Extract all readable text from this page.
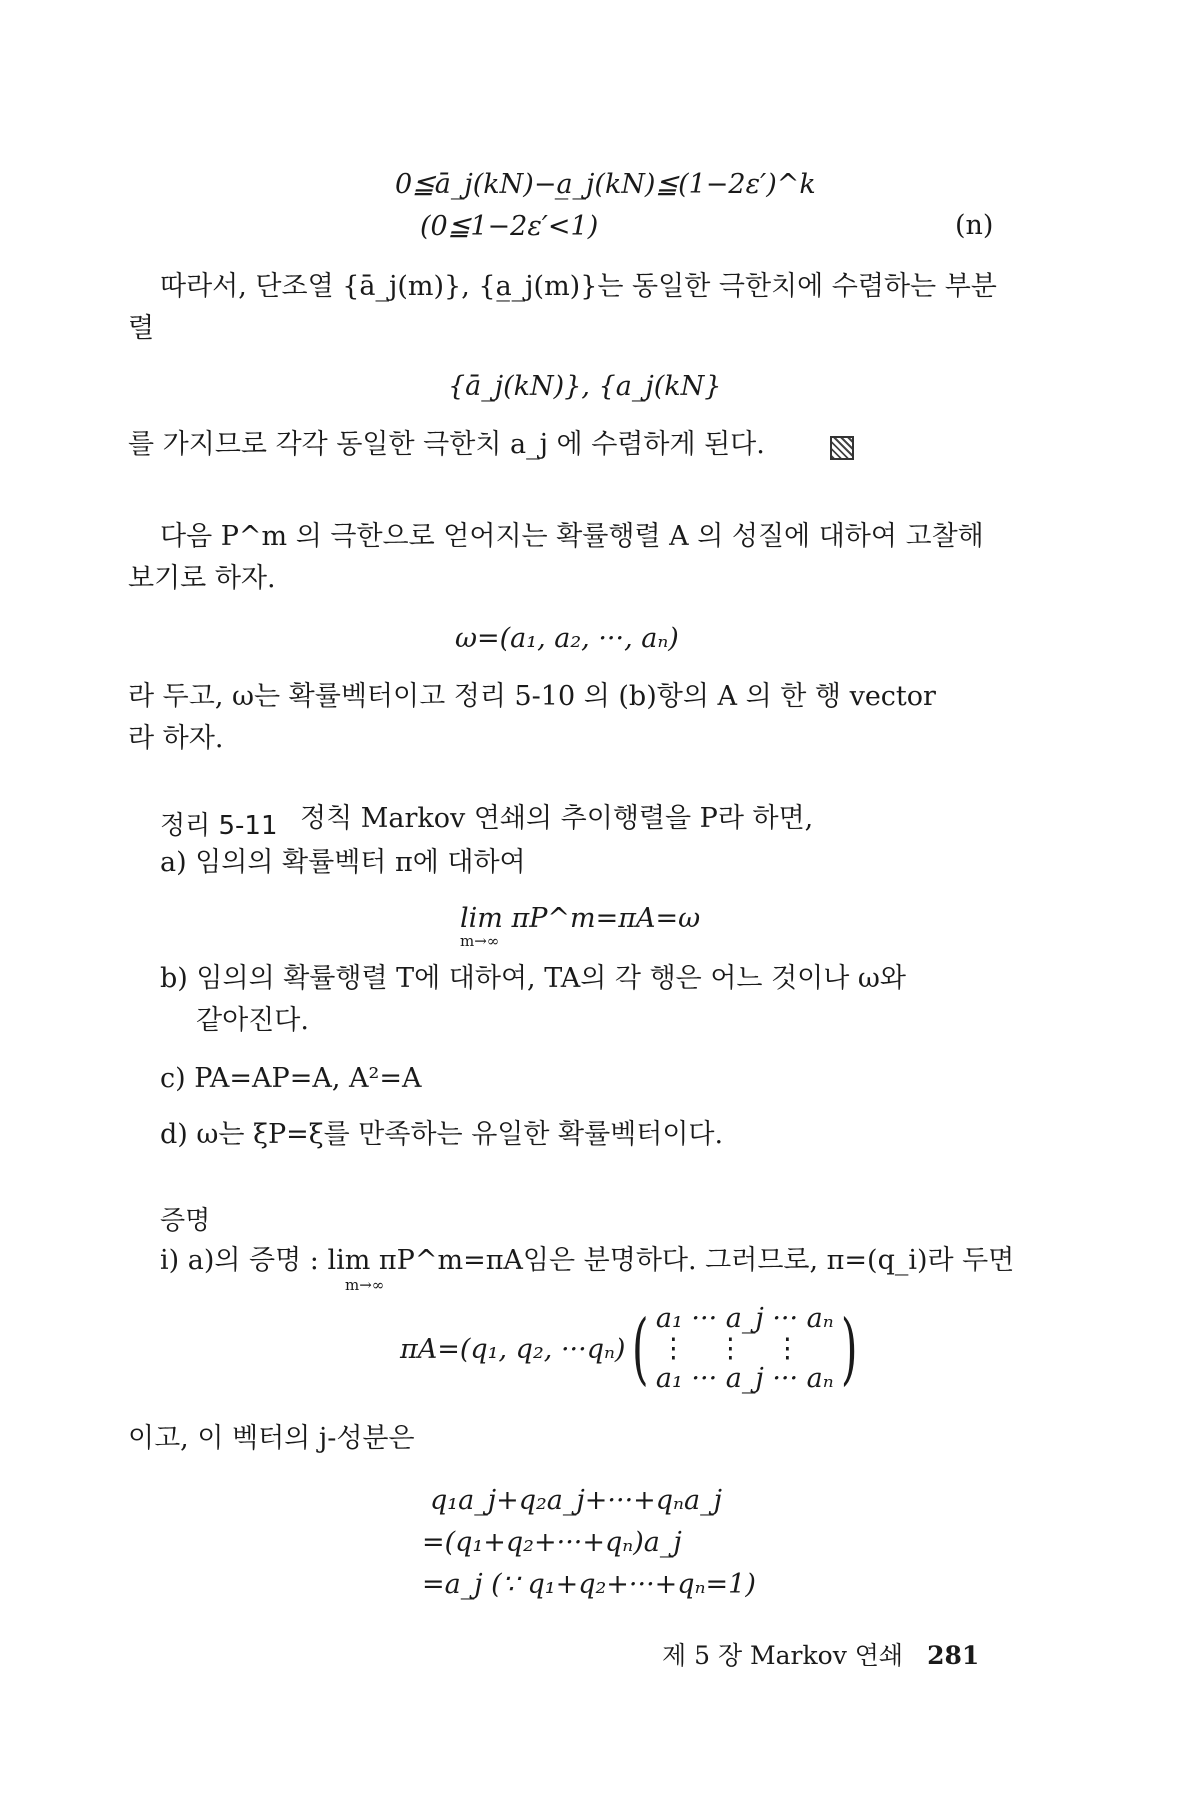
0≦ā_j(kN)−a̲_j(kN)≦(1−2ε′)^k
(0≦1−2ε′<1)	(n)
따라서, 단조열 {ā_j(m)}, {a̲_j(m)}는 동일한 극한치에 수렴하는 부분
렬
{ā_j(kN)}, {a_j(kN}
를 가지므로 각각 동일한 극한치 a_j 에 수렴하게 된다.
다음 P^m 의 극한으로 얻어지는 확률행렬 A 의 성질에 대하여 고찰해
보기로 하자.
ω=(a₁, a₂, ···, aₙ)
라 두고, ω는 확률벡터이고 정리 5-10 의 (b)항의 A 의 한 행 vector
라 하자.
정리 5-11 정칙 Markov 연쇄의 추이행렬을 P라 하면,
a) 임의의 확률벡터 π에 대하여
lim πP^m=πA=ω
m→∞
b) 임의의 확률행렬 T에 대하여, TA의 각 행은 어느 것이나 ω와
같아진다.
c) PA=AP=A, A²=A
d) ω는 ξP=ξ를 만족하는 유일한 확률벡터이다.
증명
i) a)의 증명 : lim πP^m=πA임은 분명하다. 그러므로, π=(q_i)라 두면
m→∞
πA=(q₁, q₂, ···qₙ) ( a₁ ··· a_j ··· aₙ
⋮⋮⋮
a₁ ··· a_j ··· aₙ )
이고, 이 벡터의 j-성분은
q₁a_j+q₂a_j+···+qₙa_j
=(q₁+q₂+···+qₙ)a_j
=a_j (∵ q₁+q₂+···+qₙ=1)
제 5 장 Markov 연쇄 281
